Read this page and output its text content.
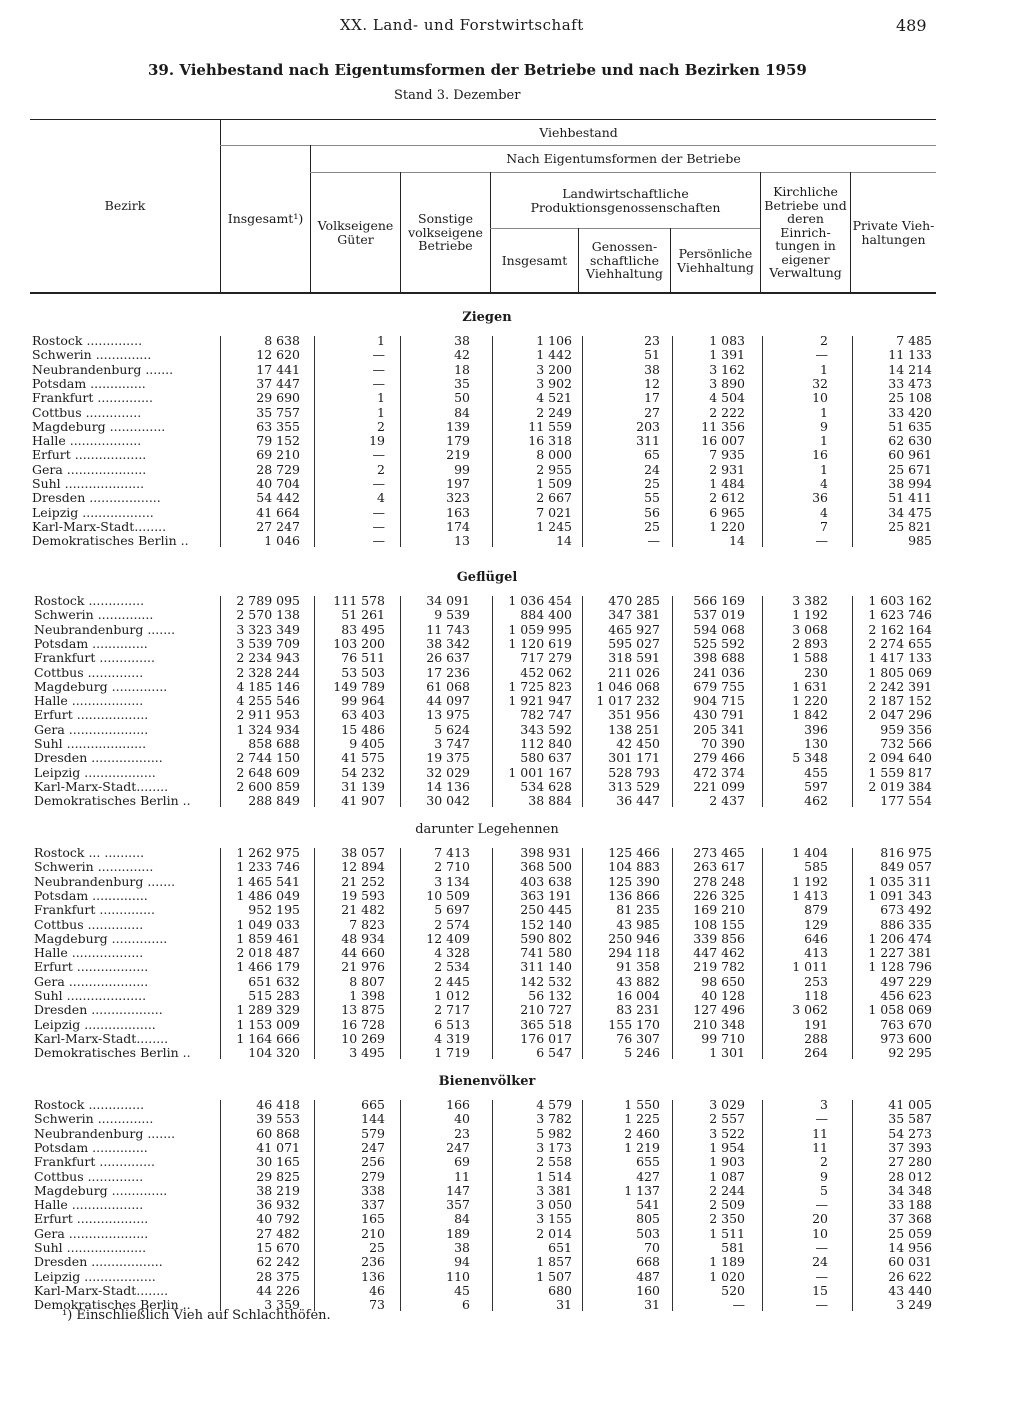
XX. Land- und Forstwirtschaft	489
39. Viehbestand nach Eigentumsformen der Betriebe und nach Bezirken 1959
Stand 3. Dezember
Bezirk
Viehbestand
Insgesamt¹)
Nach Eigentumsformen der Betriebe
Volkseigene Güter
Sonstige volkseigene Betriebe
Landwirtschaftliche Produktionsgenossenschaften
Insgesamt
Genossenschaftliche Viehhaltung
Persönliche Viehhaltung
Kirchliche Betriebe und deren Einrichtungen in eigener Verwaltung
Private Viehhaltungen
Ziegen
Rostock ..............	8 638	1	38	1 106	23	1 083	2	7 485
Schwerin ..............	12 620	—	42	1 442	51	1 391	—	11 133
Neubrandenburg .......	17 441	—	18	3 200	38	3 162	1	14 214
Potsdam ..............	37 447	—	35	3 902	12	3 890	32	33 473
Frankfurt ..............	29 690	1	50	4 521	17	4 504	10	25 108
Cottbus ..............	35 757	1	84	2 249	27	2 222	1	33 420
Magdeburg ..............	63 355	2	139	11 559	203	11 356	9	51 635
Halle ..................	79 152	19	179	16 318	311	16 007	1	62 630
Erfurt ..................	69 210	—	219	8 000	65	7 935	16	60 961
Gera ....................	28 729	2	99	2 955	24	2 931	1	25 671
Suhl ....................	40 704	—	197	1 509	25	1 484	4	38 994
Dresden ..................	54 442	4	323	2 667	55	2 612	36	51 411
Leipzig ..................	41 664	—	163	7 021	56	6 965	4	34 475
Karl-Marx-Stadt........	27 247	—	174	1 245	25	1 220	7	25 821
Demokratisches Berlin ..	1 046	—	13	14	—	14	—	985
Geflügel
Rostock ..............	2 789 095	111 578	34 091	1 036 454	470 285	566 169	3 382	1 603 162
Schwerin ..............	2 570 138	51 261	9 539	884 400	347 381	537 019	1 192	1 623 746
Neubrandenburg .......	3 323 349	83 495	11 743	1 059 995	465 927	594 068	3 068	2 162 164
Potsdam ..............	3 539 709	103 200	38 342	1 120 619	595 027	525 592	2 893	2 274 655
Frankfurt ..............	2 234 943	76 511	26 637	717 279	318 591	398 688	1 588	1 417 133
Cottbus ..............	2 328 244	53 503	17 236	452 062	211 026	241 036	230	1 805 069
Magdeburg ..............	4 185 146	149 789	61 068	1 725 823	1 046 068	679 755	1 631	2 242 391
Halle ..................	4 255 546	99 964	44 097	1 921 947	1 017 232	904 715	1 220	2 187 152
Erfurt ..................	2 911 953	63 403	13 975	782 747	351 956	430 791	1 842	2 047 296
Gera ....................	1 324 934	15 486	5 624	343 592	138 251	205 341	396	959 356
Suhl ....................	858 688	9 405	3 747	112 840	42 450	70 390	130	732 566
Dresden ..................	2 744 150	41 575	19 375	580 637	301 171	279 466	5 348	2 094 640
Leipzig ..................	2 648 609	54 232	32 029	1 001 167	528 793	472 374	455	1 559 817
Karl-Marx-Stadt........	2 600 859	31 139	14 136	534 628	313 529	221 099	597	2 019 384
Demokratisches Berlin ..	288 849	41 907	30 042	38 884	36 447	2 437	462	177 554
darunter Legehennen
Rostock ... ..........	1 262 975	38 057	7 413	398 931	125 466	273 465	1 404	816 975
Schwerin ..............	1 233 746	12 894	2 710	368 500	104 883	263 617	585	849 057
Neubrandenburg .......	1 465 541	21 252	3 134	403 638	125 390	278 248	1 192	1 035 311
Potsdam ..............	1 486 049	19 593	10 509	363 191	136 866	226 325	1 413	1 091 343
Frankfurt ..............	952 195	21 482	5 697	250 445	81 235	169 210	879	673 492
Cottbus ..............	1 049 033	7 823	2 574	152 140	43 985	108 155	129	886 335
Magdeburg ..............	1 859 461	48 934	12 409	590 802	250 946	339 856	646	1 206 474
Halle ..................	2 018 487	44 660	4 328	741 580	294 118	447 462	413	1 227 381
Erfurt ..................	1 466 179	21 976	2 534	311 140	91 358	219 782	1 011	1 128 796
Gera ....................	651 632	8 807	2 445	142 532	43 882	98 650	253	497 229
Suhl ....................	515 283	1 398	1 012	56 132	16 004	40 128	118	456 623
Dresden ..................	1 289 329	13 875	2 717	210 727	83 231	127 496	3 062	1 058 069
Leipzig ..................	1 153 009	16 728	6 513	365 518	155 170	210 348	191	763 670
Karl-Marx-Stadt........	1 164 666	10 269	4 319	176 017	76 307	99 710	288	973 600
Demokratisches Berlin ..	104 320	3 495	1 719	6 547	5 246	1 301	264	92 295
Bienenvölker
Rostock ..............	46 418	665	166	4 579	1 550	3 029	3	41 005
Schwerin ..............	39 553	144	40	3 782	1 225	2 557	—	35 587
Neubrandenburg .......	60 868	579	23	5 982	2 460	3 522	11	54 273
Potsdam ..............	41 071	247	247	3 173	1 219	1 954	11	37 393
Frankfurt ..............	30 165	256	69	2 558	655	1 903	2	27 280
Cottbus ..............	29 825	279	11	1 514	427	1 087	9	28 012
Magdeburg ..............	38 219	338	147	3 381	1 137	2 244	5	34 348
Halle ..................	36 932	337	357	3 050	541	2 509	—	33 188
Erfurt ..................	40 792	165	84	3 155	805	2 350	20	37 368
Gera ....................	27 482	210	189	2 014	503	1 511	10	25 059
Suhl ....................	15 670	25	38	651	70	581	—	14 956
Dresden ..................	62 242	236	94	1 857	668	1 189	24	60 031
Leipzig ..................	28 375	136	110	1 507	487	1 020	—	26 622
Karl-Marx-Stadt........	44 226	46	45	680	160	520	15	43 440
Demokratisches Berlin ..	3 359	73	6	31	31	—	—	3 249
¹) Einschließlich Vieh auf Schlachthöfen.
